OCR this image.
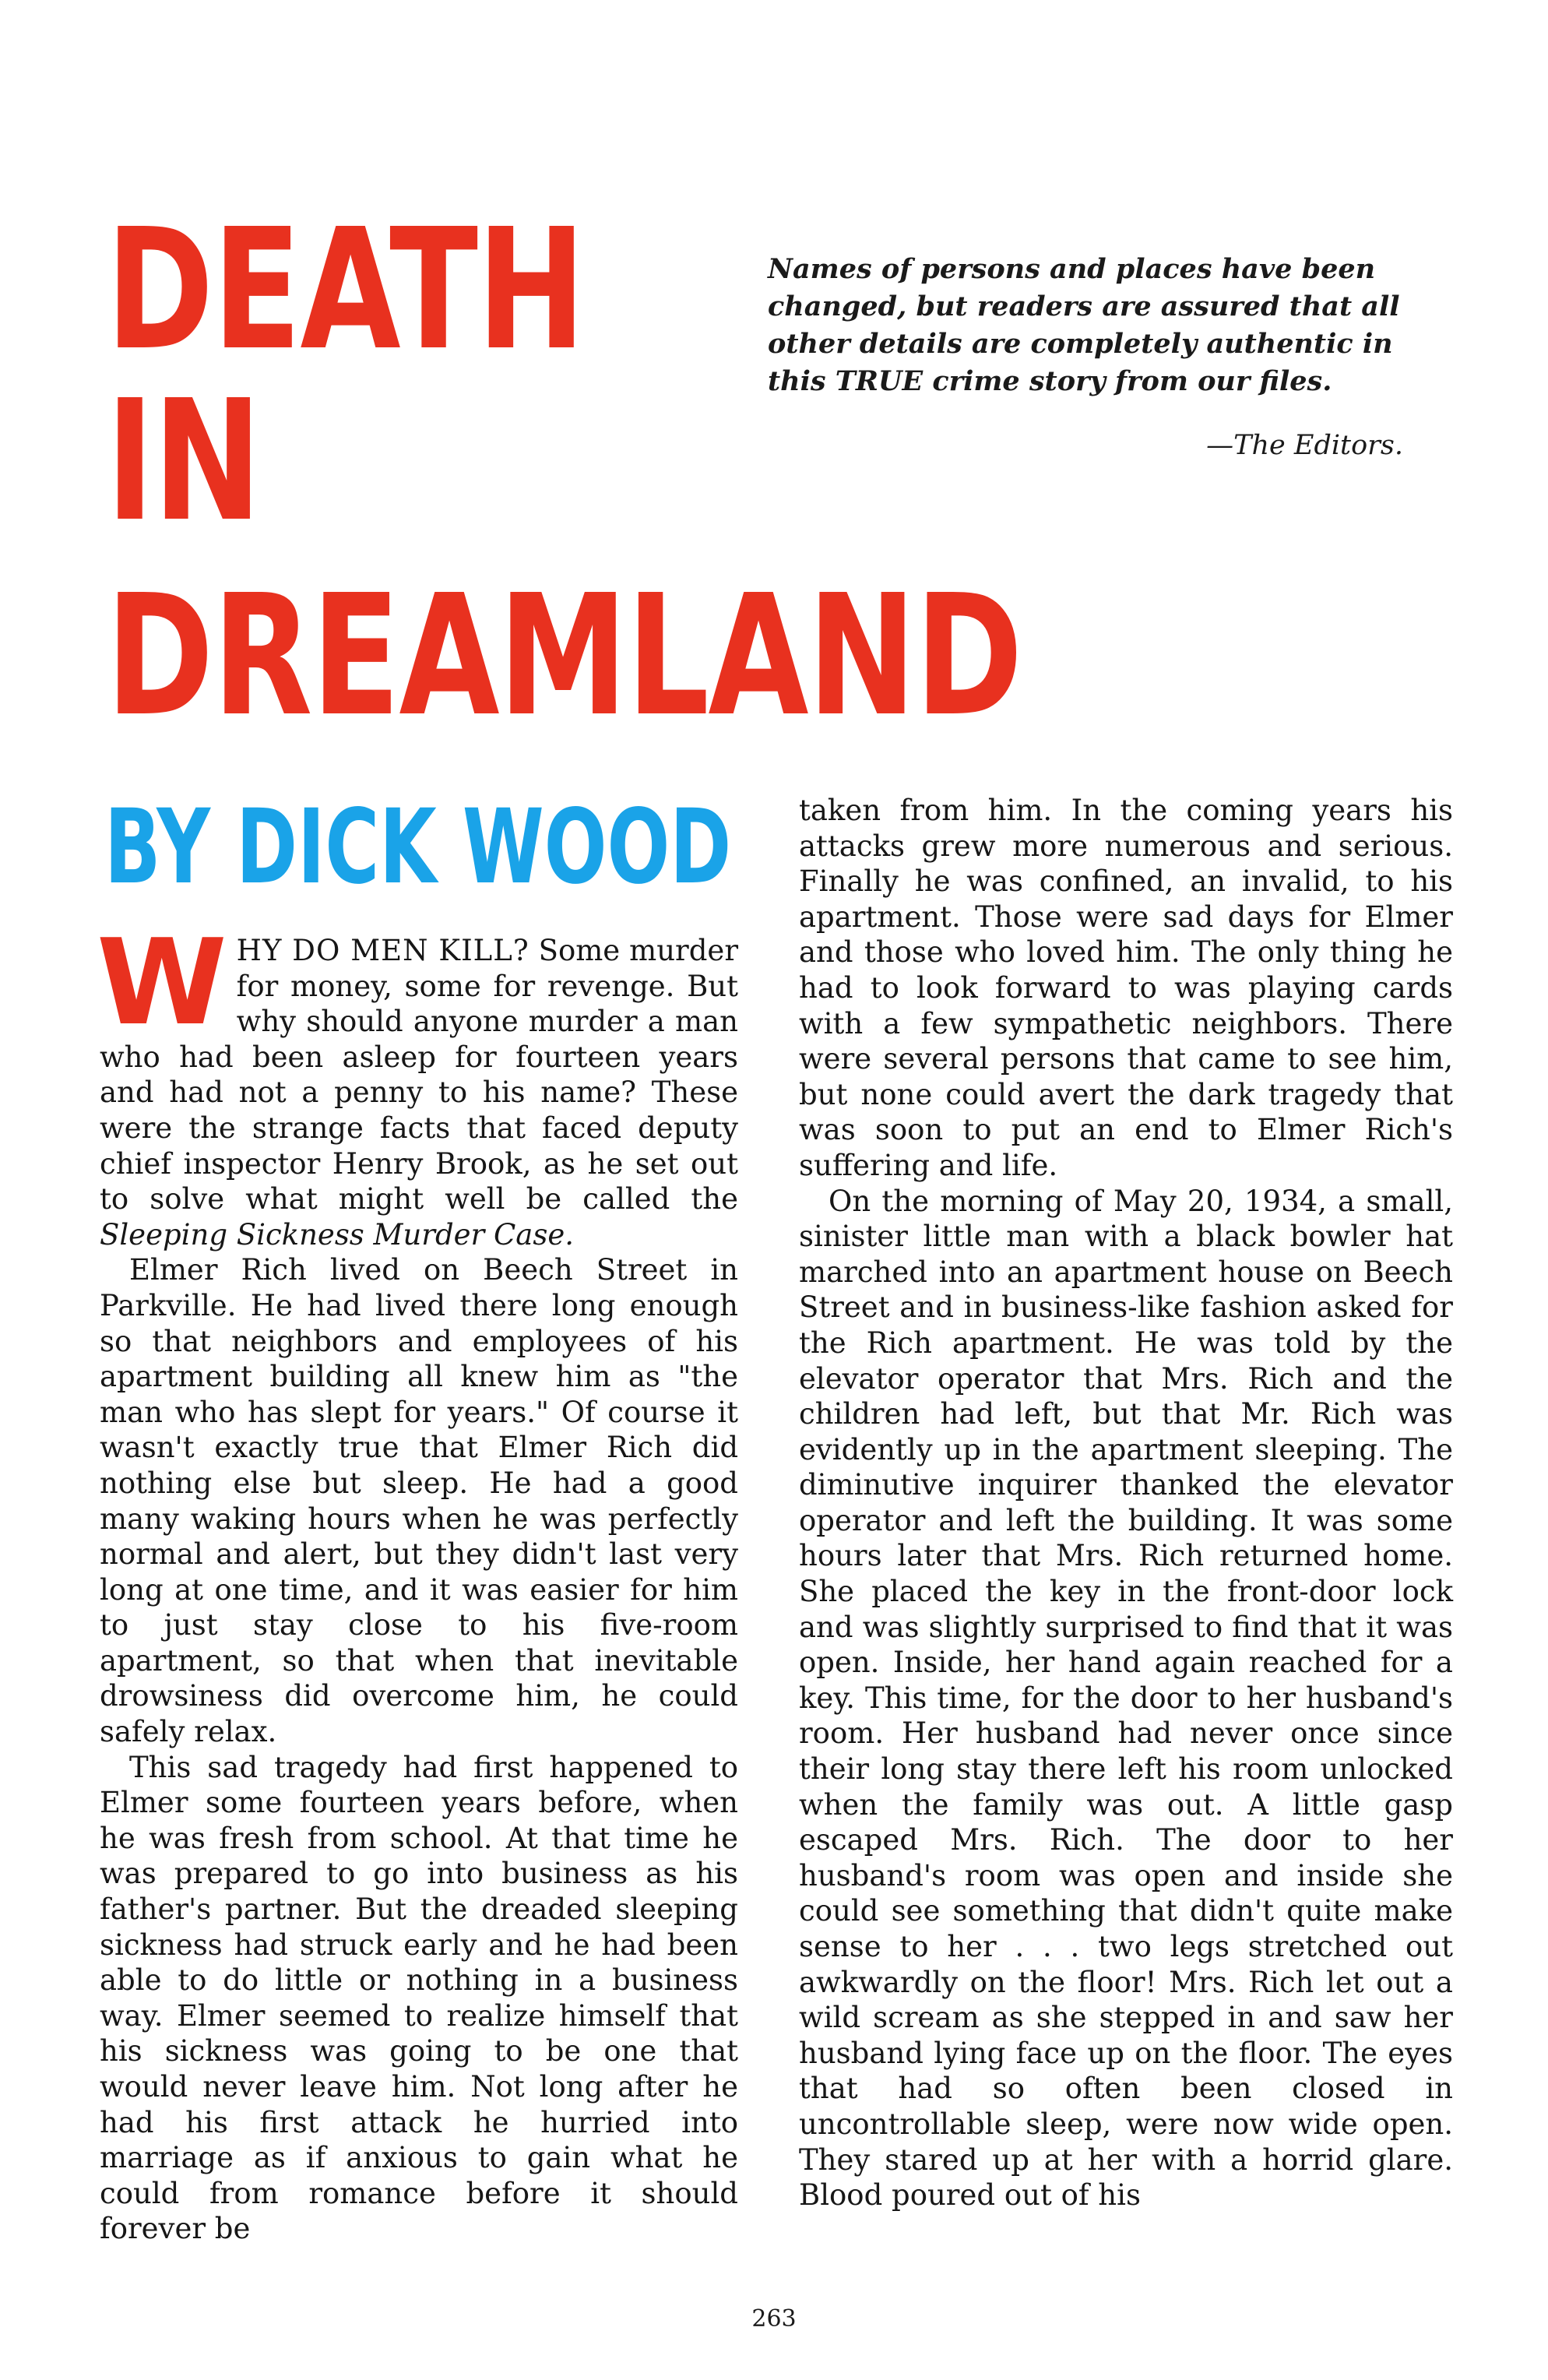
DEATH
IN
DREAMLAND

Names of persons and places have been changed, but readers are assured that all other details are completely authentic in this TRUE crime story from our files.

—The Editors.

BY DICK WOOD

WHY DO MEN KILL? Some murder for money, some for revenge. But why should anyone murder a man who had been asleep for fourteen years and had not a penny to his name? These were the strange facts that faced deputy chief inspector Henry Brook, as he set out to solve what might well be called the Sleeping Sickness Murder Case.

Elmer Rich lived on Beech Street in Parkville. He had lived there long enough so that neighbors and employees of his apartment building all knew him as "the man who has slept for years." Of course it wasn't exactly true that Elmer Rich did nothing else but sleep. He had a good many waking hours when he was perfectly normal and alert, but they didn't last very long at one time, and it was easier for him to just stay close to his five-room apartment, so that when that inevitable drowsiness did overcome him, he could safely relax.

This sad tragedy had first happened to Elmer some fourteen years before, when he was fresh from school. At that time he was prepared to go into business as his father's partner. But the dreaded sleeping sickness had struck early and he had been able to do little or nothing in a business way. Elmer seemed to realize himself that his sickness was going to be one that would never leave him. Not long after he had his first attack he hurried into marriage as if anxious to gain what he could from romance before it should forever be

taken from him. In the coming years his attacks grew more numerous and serious. Finally he was confined, an invalid, to his apartment. Those were sad days for Elmer and those who loved him. The only thing he had to look forward to was playing cards with a few sympathetic neighbors. There were several persons that came to see him, but none could avert the dark tragedy that was soon to put an end to Elmer Rich's suffering and life.

On the morning of May 20, 1934, a small, sinister little man with a black bowler hat marched into an apartment house on Beech Street and in business-like fashion asked for the Rich apartment. He was told by the elevator operator that Mrs. Rich and the children had left, but that Mr. Rich was evidently up in the apartment sleeping. The diminutive inquirer thanked the elevator operator and left the building. It was some hours later that Mrs. Rich returned home. She placed the key in the front-door lock and was slightly surprised to find that it was open. Inside, her hand again reached for a key. This time, for the door to her husband's room. Her husband had never once since their long stay there left his room unlocked when the family was out. A little gasp escaped Mrs. Rich. The door to her husband's room was open and inside she could see something that didn't quite make sense to her . . . two legs stretched out awkwardly on the floor! Mrs. Rich let out a wild scream as she stepped in and saw her husband lying face up on the floor. The eyes that had so often been closed in uncontrollable sleep, were now wide open. They stared up at her with a horrid glare. Blood poured out of his

263
